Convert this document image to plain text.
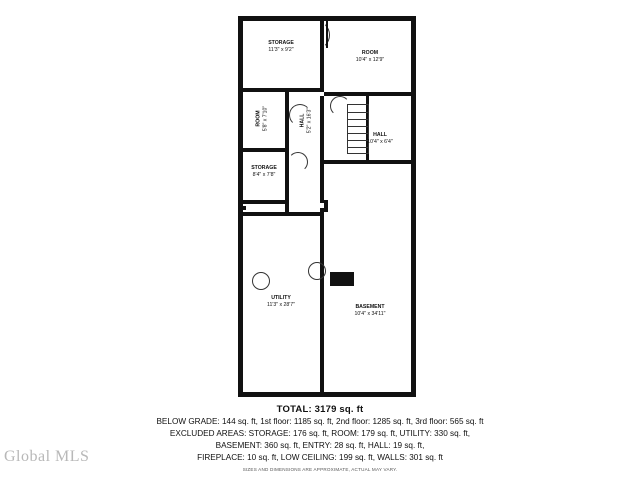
STORAGE
11'3" x 9'2"
ROOM
10'4" x 12'9"
ROOM 5'8" x 7'10"	HALL 5'2" x 16'3"
HALL
10'4" x 6'4"
STORAGE
8'4" x 7'8"
UTILITY
11'3" x 28'7"	BASEMENT
10'4" x 34'11"
TOTAL: 3179 sq. ft
BELOW GRADE: 144 sq. ft, 1st floor: 1185 sq. ft, 2nd floor: 1285 sq. ft, 3rd floor: 565 sq. ft
EXCLUDED AREAS: STORAGE: 176 sq. ft, ROOM: 179 sq. ft, UTILITY: 330 sq. ft,
BASEMENT: 360 sq. ft, ENTRY: 28 sq. ft, HALL: 19 sq. ft,
FIREPLACE: 10 sq. ft, LOW CEILING: 199 sq. ft, WALLS: 301 sq. ft
SIZES AND DIMENSIONS ARE APPROXIMATE, ACTUAL MAY VARY.
Global MLS
